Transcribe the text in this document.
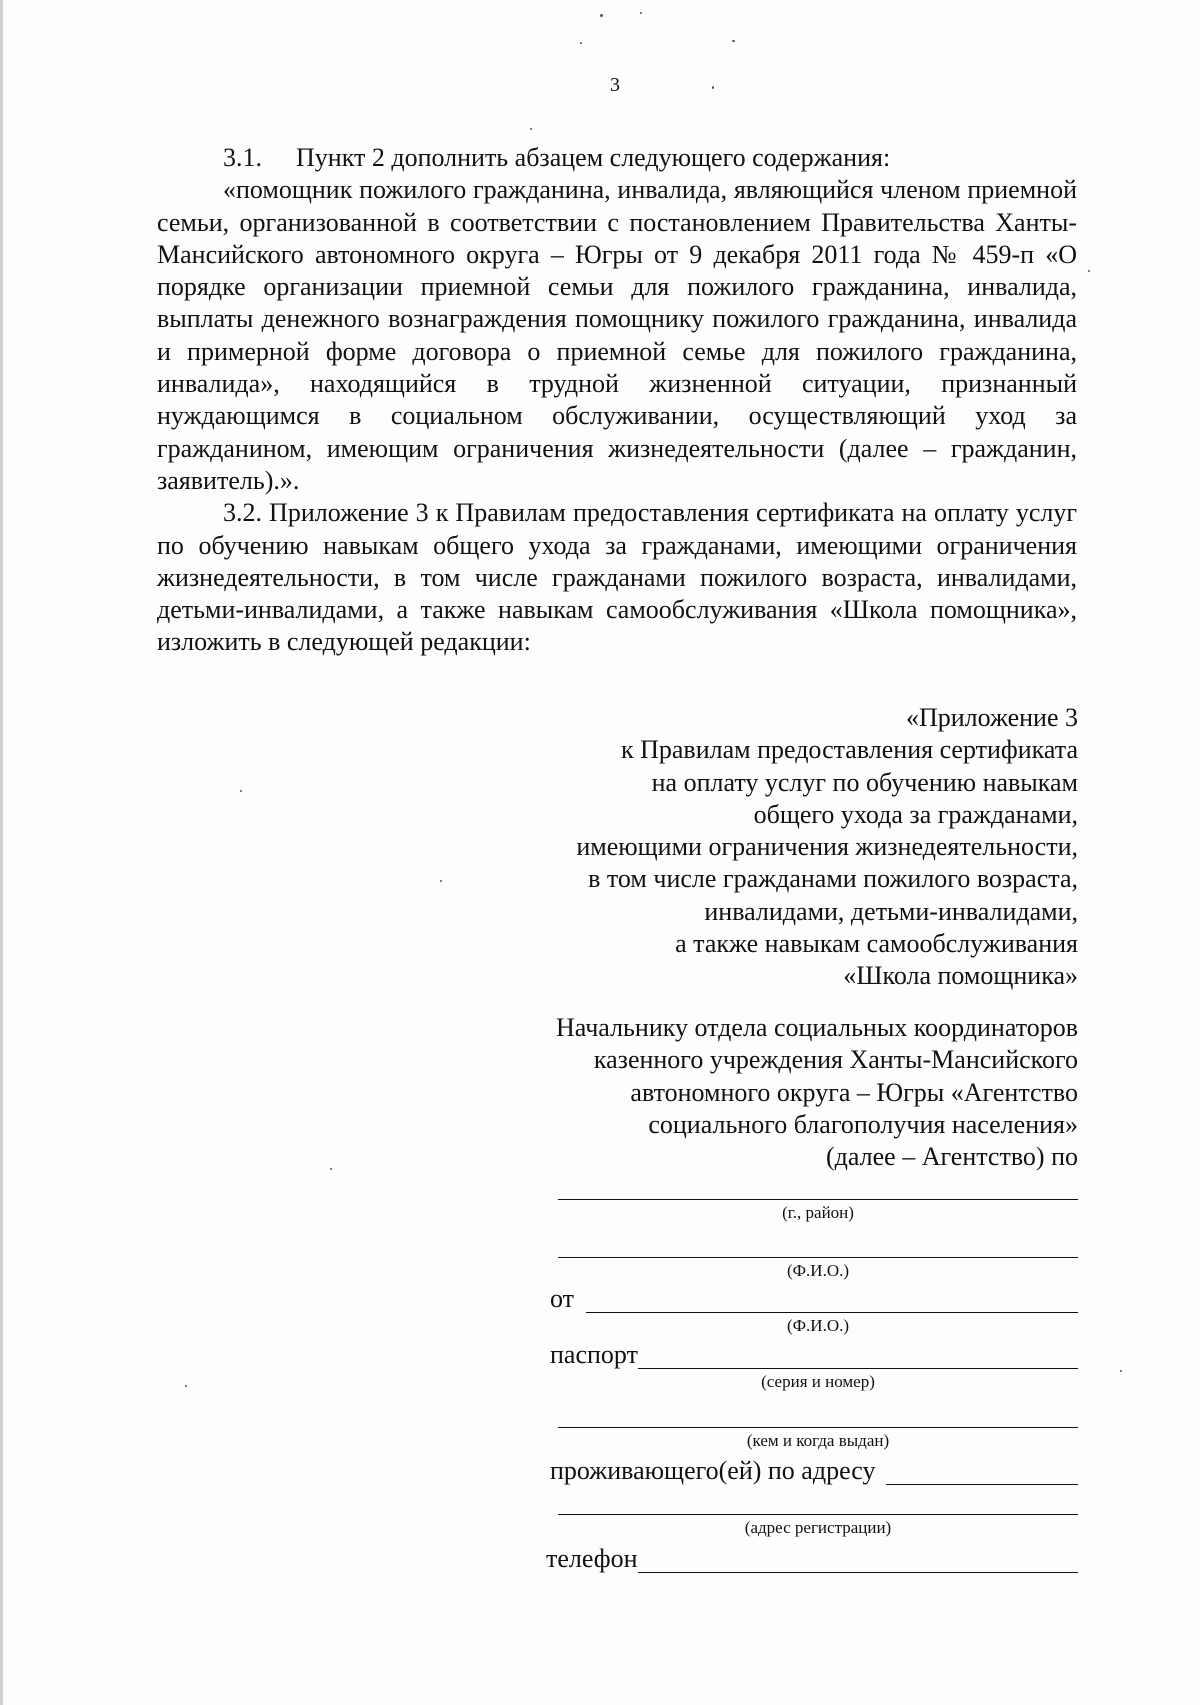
3

3.1. Пункт 2 дополнить абзацем следующего содержания:

«помощник пожилого гражданина, инвалида, являющийся членом приемной семьи, организованной в соответствии с постановлением Правительства Ханты-Мансийского автономного округа – Югры от 9 декабря 2011 года № 459-п «О порядке организации приемной семьи для пожилого гражданина, инвалида, выплаты денежного вознаграждения помощнику пожилого гражданина, инвалида и примерной форме договора о приемной семье для пожилого гражданина, инвалида», находящийся в трудной жизненной ситуации, признанный нуждающимся в социальном обслуживании, осуществляющий уход за гражданином, имеющим ограничения жизнедеятельности (далее – гражданин, заявитель).».

3.2. Приложение 3 к Правилам предоставления сертификата на оплату услуг по обучению навыкам общего ухода за гражданами, имеющими ограничения жизнедеятельности, в том числе гражданами пожилого возраста, инвалидами, детьми-инвалидами, а также навыкам самообслуживания «Школа помощника», изложить в следующей редакции:

«Приложение 3
к Правилам предоставления сертификата
на оплату услуг по обучению навыкам
общего ухода за гражданами,
имеющими ограничения жизнедеятельности,
в том числе гражданами пожилого возраста,
инвалидами, детьми-инвалидами,
а также навыкам самообслуживания
«Школа помощника»
Начальнику отдела социальных координаторов
казенного учреждения Ханты-Мансийского
автономного округа – Югры «Агентство
социального благополучия населения»
(далее – Агентство) по
(г., район)
(Ф.И.О.)
от
(Ф.И.О.)
паспорт
(серия и номер)
(кем и когда выдан)
проживающего(ей) по адресу
(адрес регистрации)
телефон
